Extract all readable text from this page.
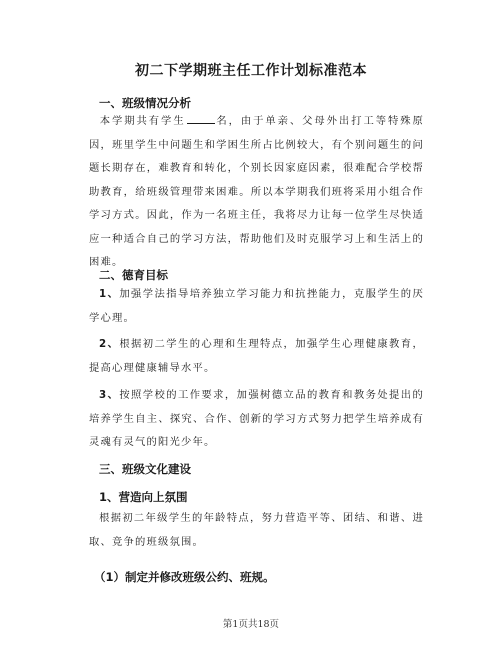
初二下学期班主任工作计划标准范本
一、班级情况分析
本学期共有学生	名，由于单亲、父母外出打工等特殊原因，班里学生中问题生和学困生所占比例较大，有个别问题生的问题长期存在，难教育和转化，个别长因家庭因素，很难配合学校帮助教育，给班级管理带来困难。所以本学期我们班将采用小组合作学习方式。因此，作为一名班主任，我将尽力让每一位学生尽快适应一种适合自己的学习方法，帮助他们及时克服学习上和生活上的困难。
二、德育目标
1、加强学法指导培养独立学习能力和抗挫能力，克服学生的厌学心理。
2、根据初二学生的心理和生理特点，加强学生心理健康教育，提高心理健康辅导水平。
3、按照学校的工作要求，加强树德立品的教育和教务处提出的培养学生自主、探究、合作、创新的学习方式努力把学生培养成有灵魂有灵气的阳光少年。
三、班级文化建设
1、营造向上氛围
根据初二年级学生的年龄特点，努力营造平等、团结、和谐、进取、竞争的班级氛围。
（1）制定并修改班级公约、班规。
第1页共18页
